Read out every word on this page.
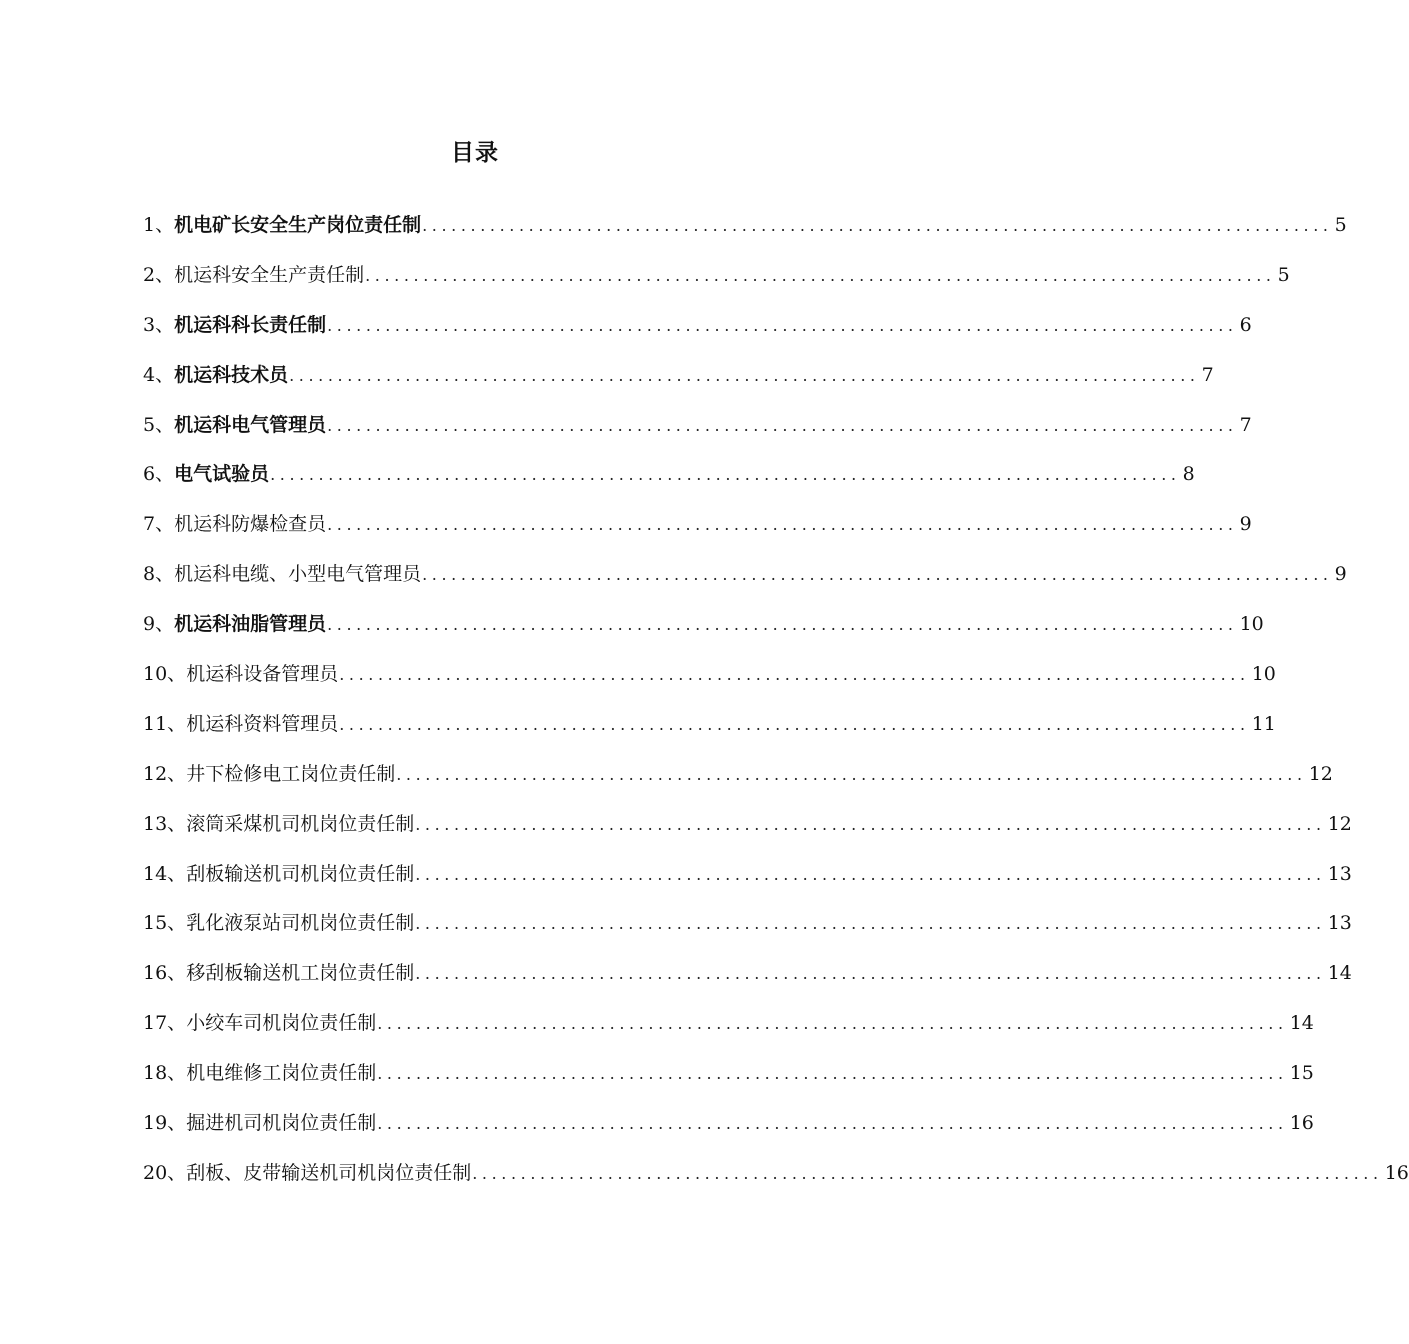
目录
1、 机电矿长安全生产岗位责任制 .............................................................................................. 5
2、 机运科安全生产责任制 .............................................................................................. 5
3、 机运科科长责任制 .............................................................................................. 6
4、 机运科技术员 .............................................................................................. 7
5、 机运科电气管理员 .............................................................................................. 7
6、 电气试验员 .............................................................................................. 8
7、 机运科防爆检查员 .............................................................................................. 9
8、 机运科电缆、小型电气管理员 .............................................................................................. 9
9、 机运科油脂管理员 .............................................................................................. 10
10、 机运科设备管理员 .............................................................................................. 10
11、 机运科资料管理员 .............................................................................................. 11
12、 井下检修电工岗位责任制 .............................................................................................. 12
13、 滚筒采煤机司机岗位责任制 .............................................................................................. 12
14、 刮板输送机司机岗位责任制 .............................................................................................. 13
15、 乳化液泵站司机岗位责任制 .............................................................................................. 13
16、 移刮板输送机工岗位责任制 .............................................................................................. 14
17、 小绞车司机岗位责任制 .............................................................................................. 14
18、 机电维修工岗位责任制 .............................................................................................. 15
19、 掘进机司机岗位责任制 .............................................................................................. 16
20、 刮板、皮带输送机司机岗位责任制 .............................................................................................. 16
